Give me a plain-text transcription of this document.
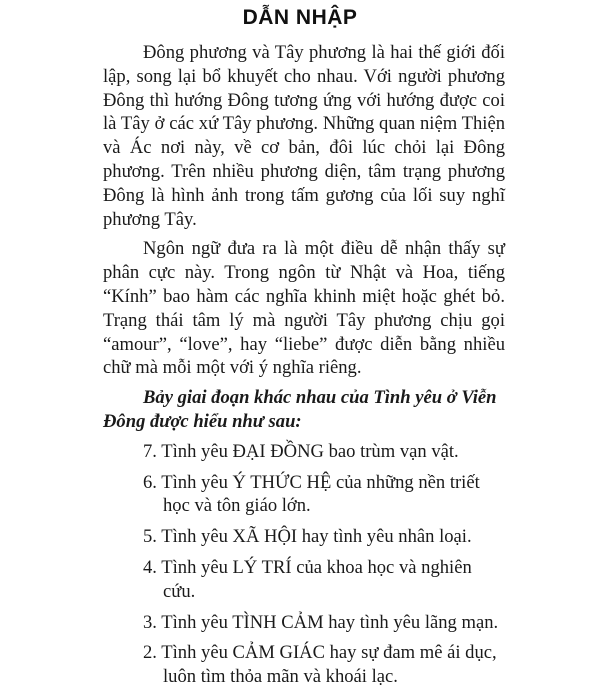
DẪN NHẬP

Đông phương và Tây phương là hai thế giới đối lập, song lại bổ khuyết cho nhau. Với người phương Đông thì hướng Đông tương ứng với hướng được coi là Tây ở các xứ Tây phương. Những quan niệm Thiện và Ác nơi này, về cơ bản, đôi lúc chỏi lại Đông phương. Trên nhiều phương diện, tâm trạng phương Đông là hình ảnh trong tấm gương của lối suy nghĩ phương Tây.

Ngôn ngữ đưa ra là một điều dễ nhận thấy sự phân cực này. Trong ngôn từ Nhật và Hoa, tiếng “Kính” bao hàm các nghĩa khinh miệt hoặc ghét bỏ. Trạng thái tâm lý mà người Tây phương chịu gọi “amour”, “love”, hay “liebe” được diễn bằng nhiều chữ mà mỗi một với ý nghĩa riêng.

Bảy giai đoạn khác nhau của Tình yêu ở Viễn Đông được hiểu như sau:

7. Tình yêu ĐẠI ĐỒNG bao trùm vạn vật.
6. Tình yêu Ý THỨC HỆ của những nền triết học và tôn giáo lớn.
5. Tình yêu XÃ HỘI hay tình yêu nhân loại.
4. Tình yêu LÝ TRÍ của khoa học và nghiên cứu.
3. Tình yêu TÌNH CẢM hay tình yêu lãng mạn.
2. Tình yêu CẢM GIÁC hay sự đam mê ái dục, luôn tìm thỏa mãn và khoái lạc.
